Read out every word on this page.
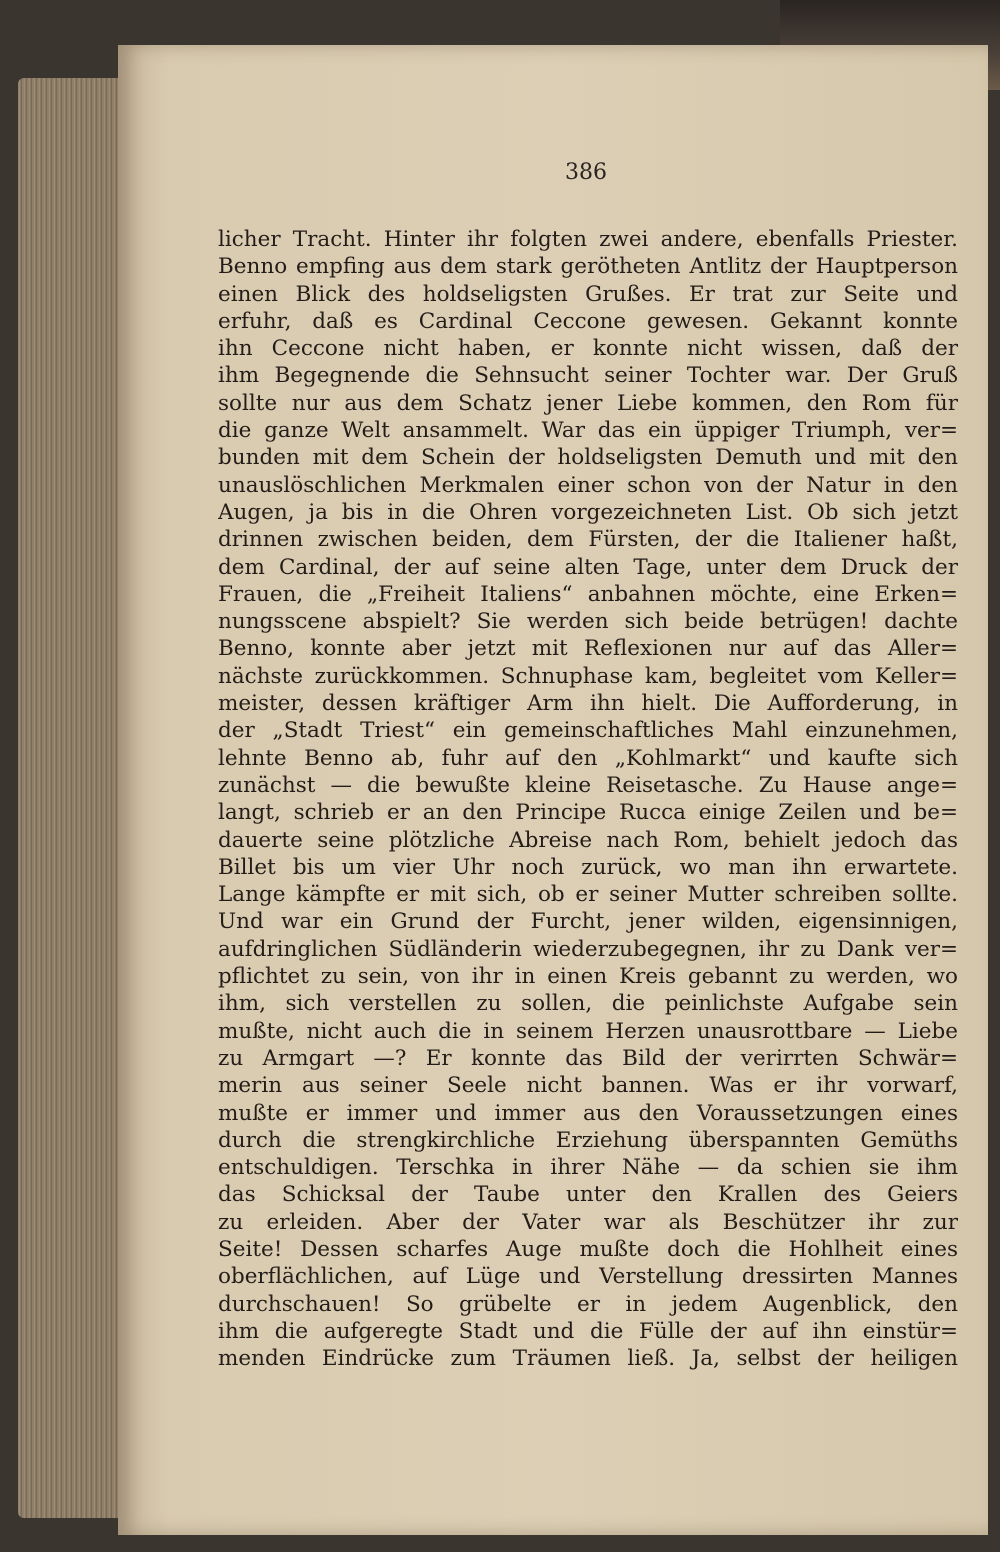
386
licher Tracht. Hinter ihr folgten zwei andere, ebenfalls Priester.
Benno empfing aus dem stark gerötheten Antlitz der Hauptperson
einen Blick des holdseligsten Grußes. Er trat zur Seite und
erfuhr, daß es Cardinal Ceccone gewesen. Gekannt konnte
ihn Ceccone nicht haben, er konnte nicht wissen, daß der
ihm Begegnende die Sehnsucht seiner Tochter war. Der Gruß
sollte nur aus dem Schatz jener Liebe kommen, den Rom für
die ganze Welt ansammelt. War das ein üppiger Triumph, ver=
bunden mit dem Schein der holdseligsten Demuth und mit den
unauslöschlichen Merkmalen einer schon von der Natur in den
Augen, ja bis in die Ohren vorgezeichneten List. Ob sich jetzt
drinnen zwischen beiden, dem Fürsten, der die Italiener haßt,
dem Cardinal, der auf seine alten Tage, unter dem Druck der
Frauen, die „Freiheit Italiens“ anbahnen möchte, eine Erken=
nungsscene abspielt? Sie werden sich beide betrügen! dachte
Benno, konnte aber jetzt mit Reflexionen nur auf das Aller=
nächste zurückkommen. Schnuphase kam, begleitet vom Keller=
meister, dessen kräftiger Arm ihn hielt. Die Aufforderung, in
der „Stadt Triest“ ein gemeinschaftliches Mahl einzunehmen,
lehnte Benno ab, fuhr auf den „Kohlmarkt“ und kaufte sich
zunächst — die bewußte kleine Reisetasche. Zu Hause ange=
langt, schrieb er an den Principe Rucca einige Zeilen und be=
dauerte seine plötzliche Abreise nach Rom, behielt jedoch das
Billet bis um vier Uhr noch zurück, wo man ihn erwartete.
Lange kämpfte er mit sich, ob er seiner Mutter schreiben sollte.
Und war ein Grund der Furcht, jener wilden, eigensinnigen,
aufdringlichen Südländerin wiederzubegegnen, ihr zu Dank ver=
pflichtet zu sein, von ihr in einen Kreis gebannt zu werden, wo
ihm, sich verstellen zu sollen, die peinlichste Aufgabe sein
mußte, nicht auch die in seinem Herzen unausrottbare — Liebe
zu Armgart —? Er konnte das Bild der verirrten Schwär=
merin aus seiner Seele nicht bannen. Was er ihr vorwarf,
mußte er immer und immer aus den Voraussetzungen eines
durch die strengkirchliche Erziehung überspannten Gemüths
entschuldigen. Terschka in ihrer Nähe — da schien sie ihm
das Schicksal der Taube unter den Krallen des Geiers
zu erleiden. Aber der Vater war als Beschützer ihr zur
Seite! Dessen scharfes Auge mußte doch die Hohlheit eines
oberflächlichen, auf Lüge und Verstellung dressirten Mannes
durchschauen! So grübelte er in jedem Augenblick, den
ihm die aufgeregte Stadt und die Fülle der auf ihn einstür=
menden Eindrücke zum Träumen ließ. Ja, selbst der heiligen
